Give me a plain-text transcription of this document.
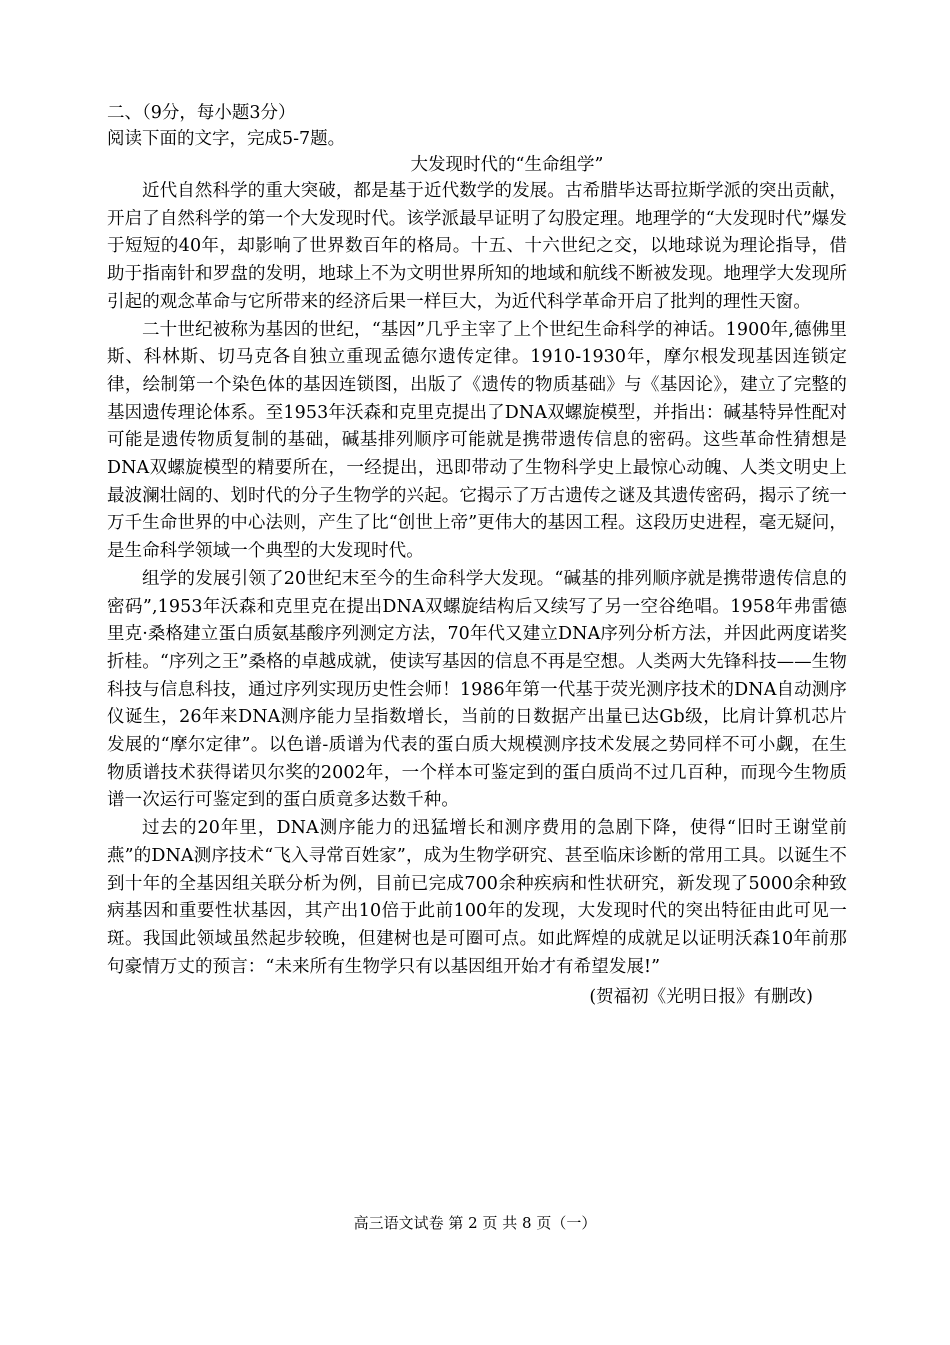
二、（9分，每小题3分）
阅读下面的文字，完成5-7题。
大发现时代的“生命组学”

近代自然科学的重大突破，都是基于近代数学的发展。古希腊毕达哥拉斯学派的突出贡献，开启了自然科学的第一个大发现时代。该学派最早证明了勾股定理。地理学的“大发现时代”爆发于短短的40年，却影响了世界数百年的格局。十五、十六世纪之交，以地球说为理论指导，借助于指南针和罗盘的发明，地球上不为文明世界所知的地域和航线不断被发现。地理学大发现所引起的观念革命与它所带来的经济后果一样巨大，为近代科学革命开启了批判的理性天窗。

二十世纪被称为基因的世纪，“基因”几乎主宰了上个世纪生命科学的神话。1900年,德佛里斯、科林斯、切马克各自独立重现孟德尔遗传定律。1910-1930年，摩尔根发现基因连锁定律，绘制第一个染色体的基因连锁图，出版了《遗传的物质基础》与《基因论》，建立了完整的基因遗传理论体系。至1953年沃森和克里克提出了DNA双螺旋模型，并指出：碱基特异性配对可能是遗传物质复制的基础，碱基排列顺序可能就是携带遗传信息的密码。这些革命性猜想是DNA双螺旋模型的精要所在，一经提出，迅即带动了生物科学史上最惊心动魄、人类文明史上最波澜壮阔的、划时代的分子生物学的兴起。它揭示了万古遗传之谜及其遗传密码，揭示了统一万千生命世界的中心法则，产生了比“创世上帝”更伟大的基因工程。这段历史进程，毫无疑问，是生命科学领域一个典型的大发现时代。

组学的发展引领了20世纪末至今的生命科学大发现。“碱基的排列顺序就是携带遗传信息的密码”,1953年沃森和克里克在提出DNA双螺旋结构后又续写了另一空谷绝唱。1958年弗雷德里克·桑格建立蛋白质氨基酸序列测定方法，70年代又建立DNA序列分析方法，并因此两度诺奖折桂。“序列之王”桑格的卓越成就，使读写基因的信息不再是空想。人类两大先锋科技——生物科技与信息科技，通过序列实现历史性会师！1986年第一代基于荧光测序技术的DNA自动测序仪诞生，26年来DNA测序能力呈指数增长，当前的日数据产出量已达Gb级，比肩计算机芯片发展的“摩尔定律”。以色谱-质谱为代表的蛋白质大规模测序技术发展之势同样不可小觑，在生物质谱技术获得诺贝尔奖的2002年，一个样本可鉴定到的蛋白质尚不过几百种，而现今生物质谱一次运行可鉴定到的蛋白质竟多达数千种。

过去的20年里，DNA测序能力的迅猛增长和测序费用的急剧下降，使得“旧时王谢堂前燕”的DNA测序技术“飞入寻常百姓家”，成为生物学研究、甚至临床诊断的常用工具。以诞生不到十年的全基因组关联分析为例，目前已完成700余种疾病和性状研究，新发现了5000余种致病基因和重要性状基因，其产出10倍于此前100年的发现，大发现时代的突出特征由此可见一斑。我国此领域虽然起步较晚，但建树也是可圈可点。如此辉煌的成就足以证明沃森10年前那句豪情万丈的预言：“未来所有生物学只有以基因组开始才有希望发展!”

(贺福初《光明日报》有删改)
高三语文试卷 第 2 页 共 8 页（一）
